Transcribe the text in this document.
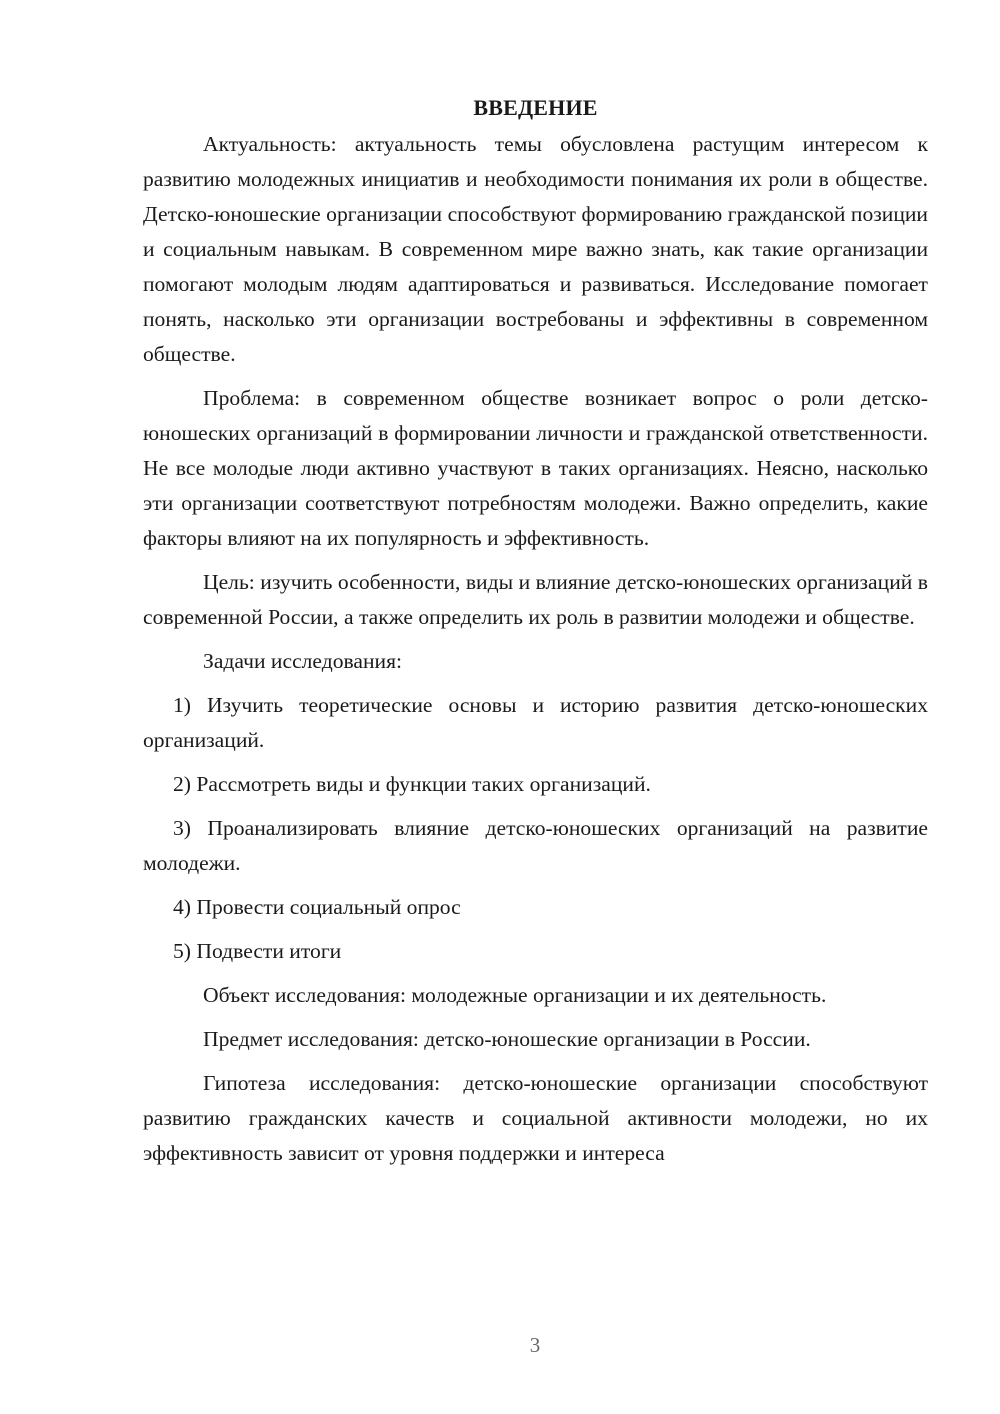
ВВЕДЕНИЕ

Актуальность: актуальность темы обусловлена растущим интересом к развитию молодежных инициатив и необходимости понимания их роли в обществе. Детско-юношеские организации способствуют формированию гражданской позиции и социальным навыкам. В современном мире важно знать, как такие организации помогают молодым людям адаптироваться и развиваться. Исследование помогает понять, насколько эти организации востребованы и эффективны в современном обществе.

Проблема: в современном обществе возникает вопрос о роли детско-юношеских организаций в формировании личности и гражданской ответственности. Не все молодые люди активно участвуют в таких организациях. Неясно, насколько эти организации соответствуют потребностям молодежи. Важно определить, какие факторы влияют на их популярность и эффективность.

Цель: изучить особенности, виды и влияние детско-юношеских организаций в современной России, а также определить их роль в развитии молодежи и обществе.

Задачи исследования:

1) Изучить теоретические основы и историю развития детско-юношеских организаций.

2) Рассмотреть виды и функции таких организаций.

3) Проанализировать влияние детско-юношеских организаций на развитие молодежи.

4) Провести социальный опрос

5) Подвести итоги

Объект исследования: молодежные организации и их деятельность.

Предмет исследования: детско-юношеские организации в России.

Гипотеза исследования: детско-юношеские организации способствуют развитию гражданских качеств и социальной активности молодежи, но их эффективность зависит от уровня поддержки и интереса

3
